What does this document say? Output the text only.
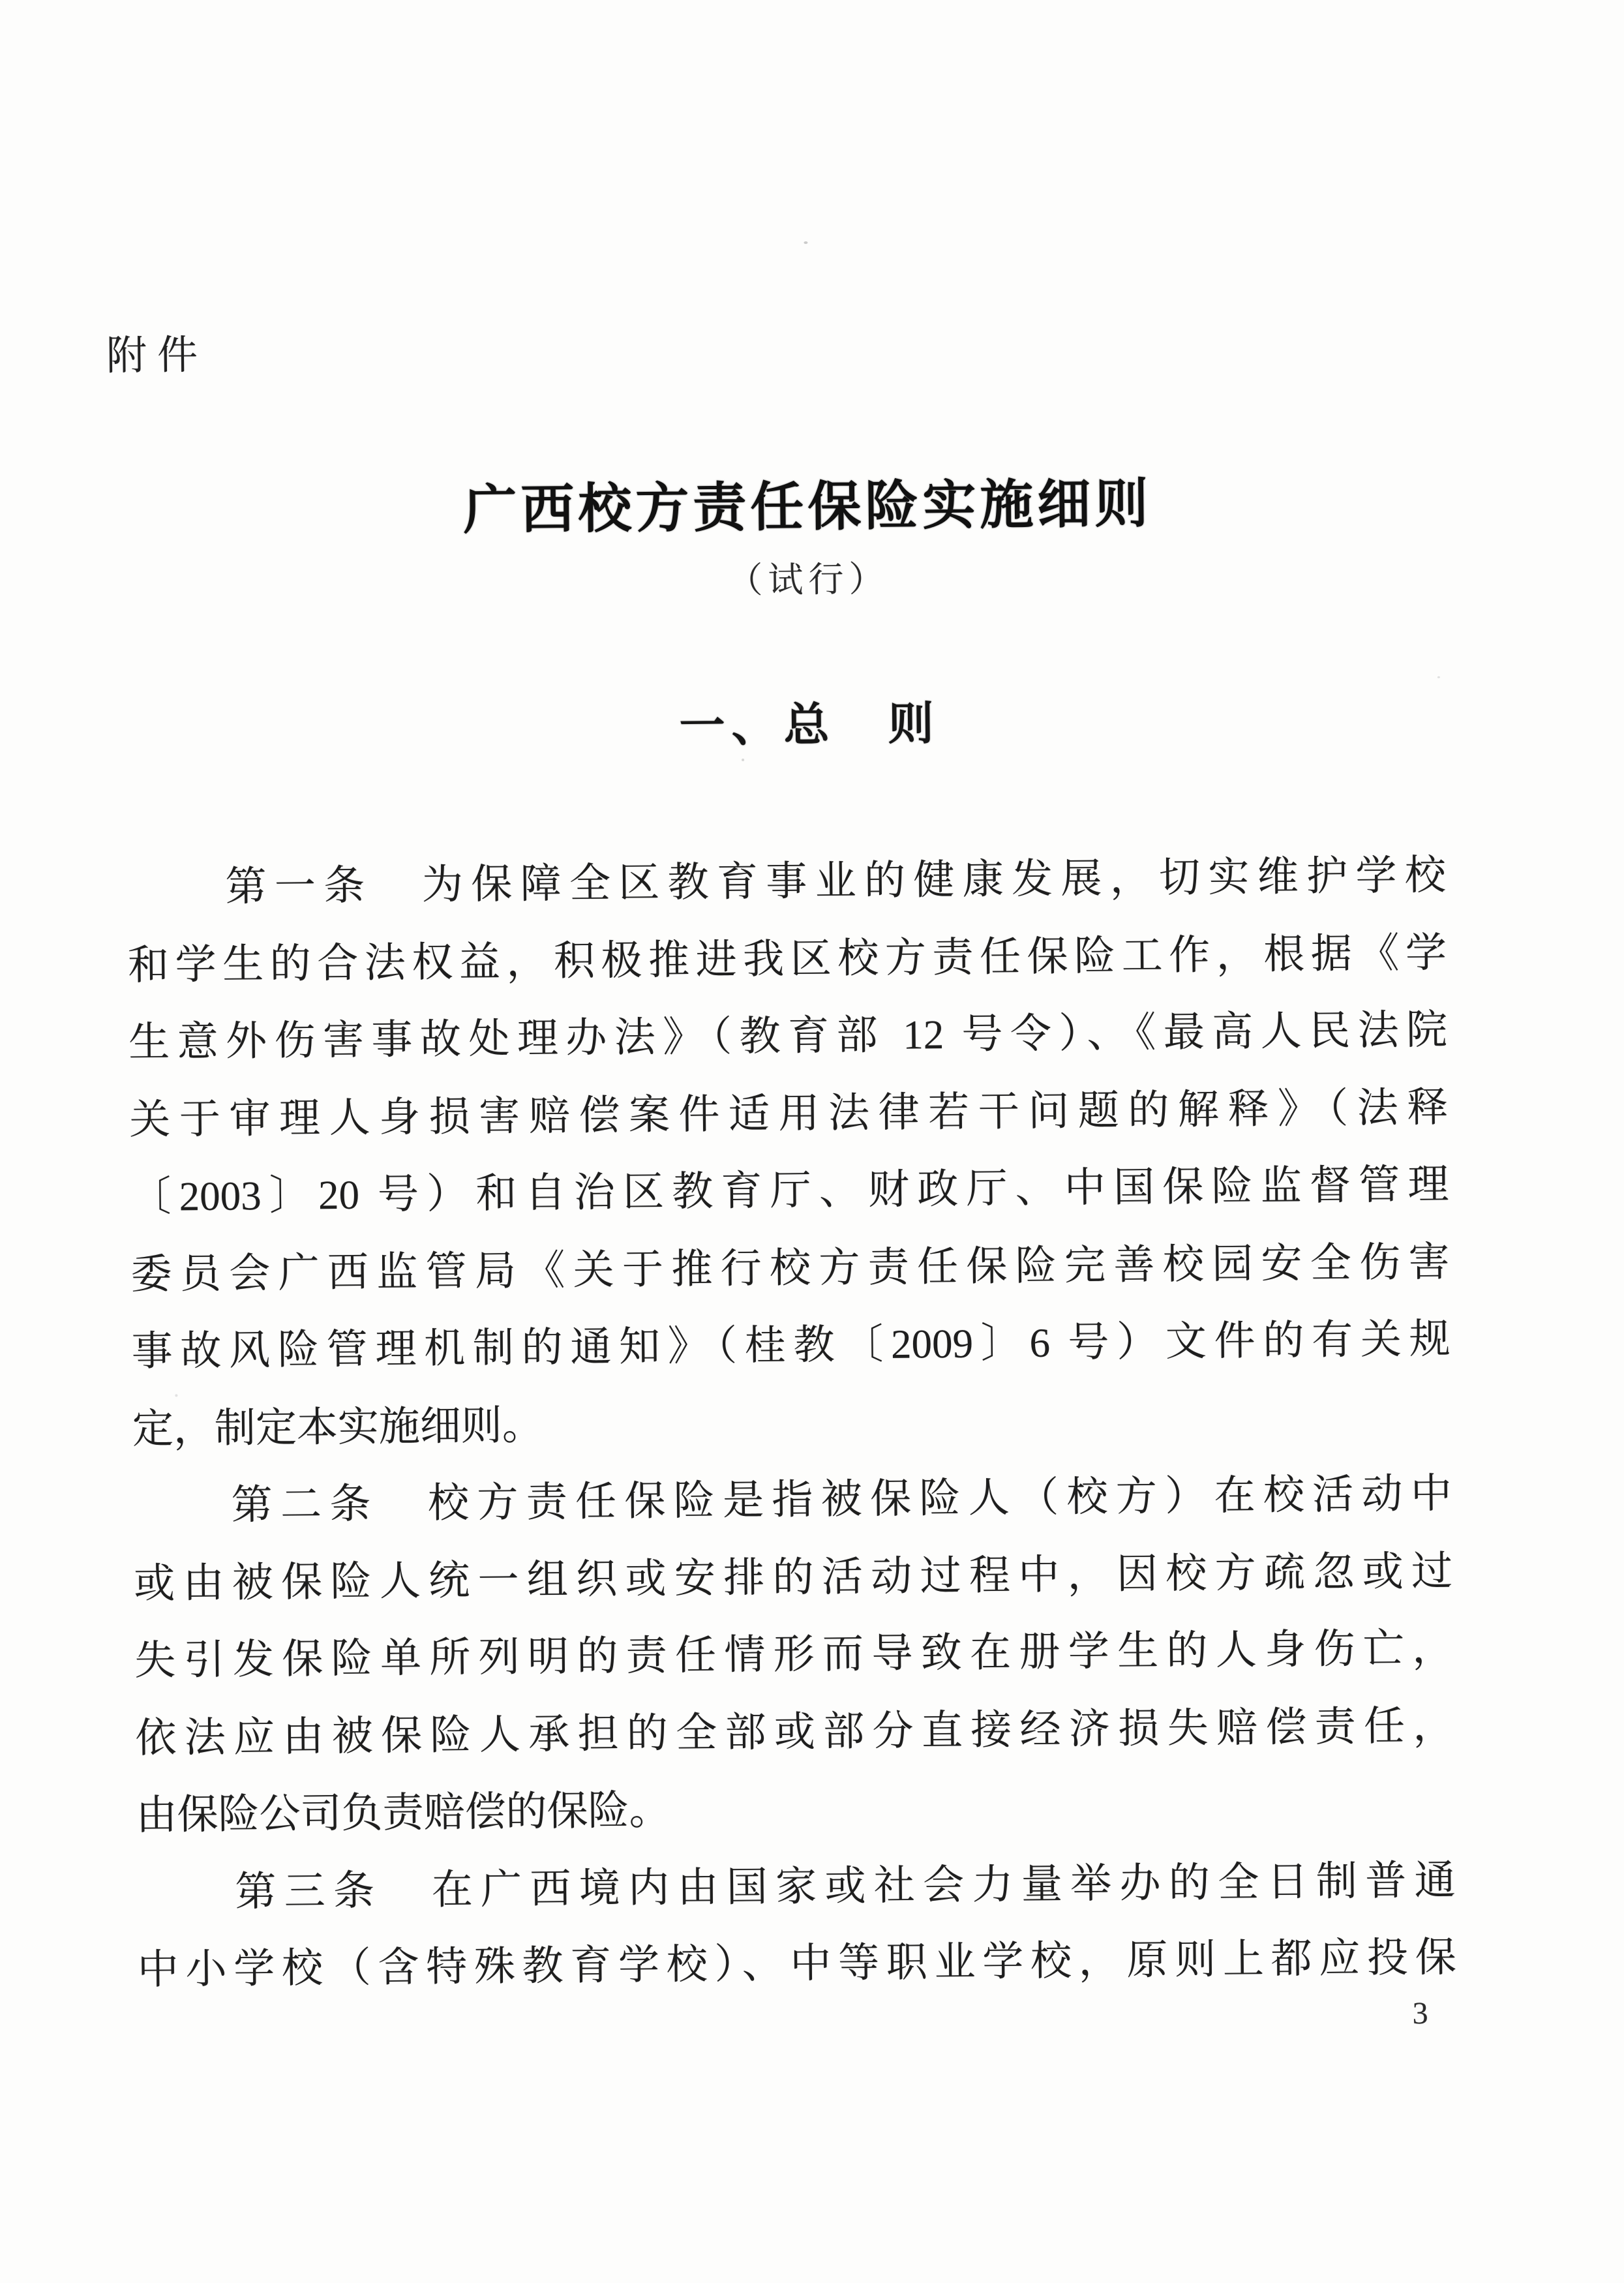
附件
广西校方责任保险实施细则
（试行）
一、总　则
　　第一条　为保障全区教育事业的健康发展，切实维护学校
和学生的合法权益，积极推进我区校方责任保险工作，根据《学
生意外伤害事故处理办法》（教育部 12 号令）、《最高人民法院
关于审理人身损害赔偿案件适用法律若干问题的解释》（法释
〔2003〕20 号）和自治区教育厅、财政厅、中国保险监督管理
委员会广西监管局《关于推行校方责任保险完善校园安全伤害
事故风险管理机制的通知》（桂教〔2009〕6 号）文件的有关规
定，制定本实施细则。
　　第二条　校方责任保险是指被保险人（校方）在校活动中
或由被保险人统一组织或安排的活动过程中，因校方疏忽或过
失引发保险单所列明的责任情形而导致在册学生的人身伤亡，
依法应由被保险人承担的全部或部分直接经济损失赔偿责任，
由保险公司负责赔偿的保险。
　　第三条　在广西境内由国家或社会力量举办的全日制普通
中小学校（含特殊教育学校）、中等职业学校，原则上都应投保
3
